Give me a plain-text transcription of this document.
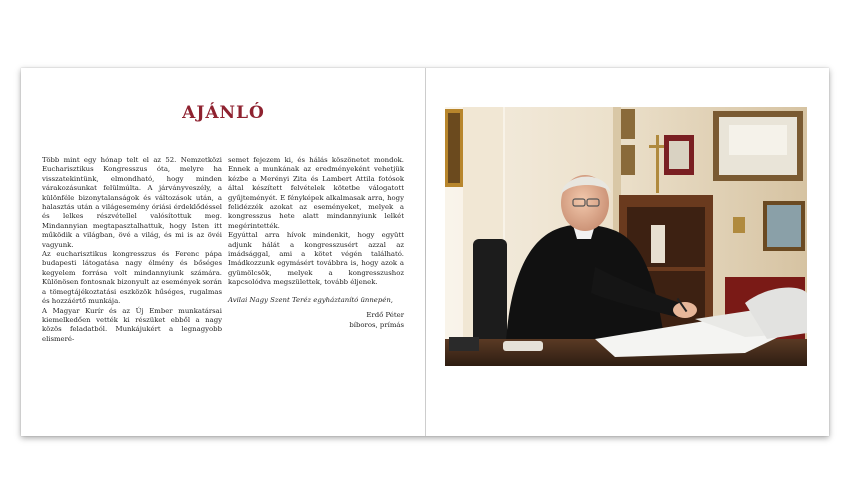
AJÁNLÓ

Több mint egy hónap telt el az 52. Nemzetközi Eucharisztikus Kongresszus óta, melyre ha visszatekintünk, elmondható, hogy minden várakozásunkat felülmúlta. A járványveszély, a különféle bizonytalanságok és változások után, a halasztás után a világesemény óriási érdeklődéssel és lelkes részvétellel valósítottuk meg. Mindannyian megtapasztalhattuk, hogy Isten itt működik a világban, övé a világ, és mi is az övéi vagyunk.

Az eucharisztikus kongresszus és Ferenc pápa budapesti látogatása nagy élmény és bőséges kegyelem forrása volt mindannyiunk számára. Különösen fontosnak bizonyult az események során a tömegtájékoztatási eszközök hűséges, rugalmas és hozzáértő munkája.

A Magyar Kurír és az Új Ember munkatársai kiemelkedően vették ki részüket ebből a nagy közös feladatból. Munkájukért a legnagyobb elismeré-

semet fejezem ki, és hálás köszönetet mondok. Ennek a munkának az eredményeként vehetjük kézbe a Merényi Zita és Lambert Attila fotósok által készített felvételek kötetbe válogatott gyűjteményét. E fényképek alkalmasak arra, hogy felidézzék azokat az eseményeket, melyek a kongresszus hete alatt mindannyiunk lelkét megérintették.

Egyúttal arra hívok mindenkit, hogy együtt adjunk hálát a kongresszusért azzal az imádsággal, ami a kötet végén található. Imádkozzunk egymásért továbbra is, hogy azok a gyümölcsök, melyek a kongresszushoz kapcsolódva megszülettek, tovább éljenek.

Avilai Nagy Szent Teréz egyháztanító ünnepén,

Erdő Péter
bíboros, prímás
